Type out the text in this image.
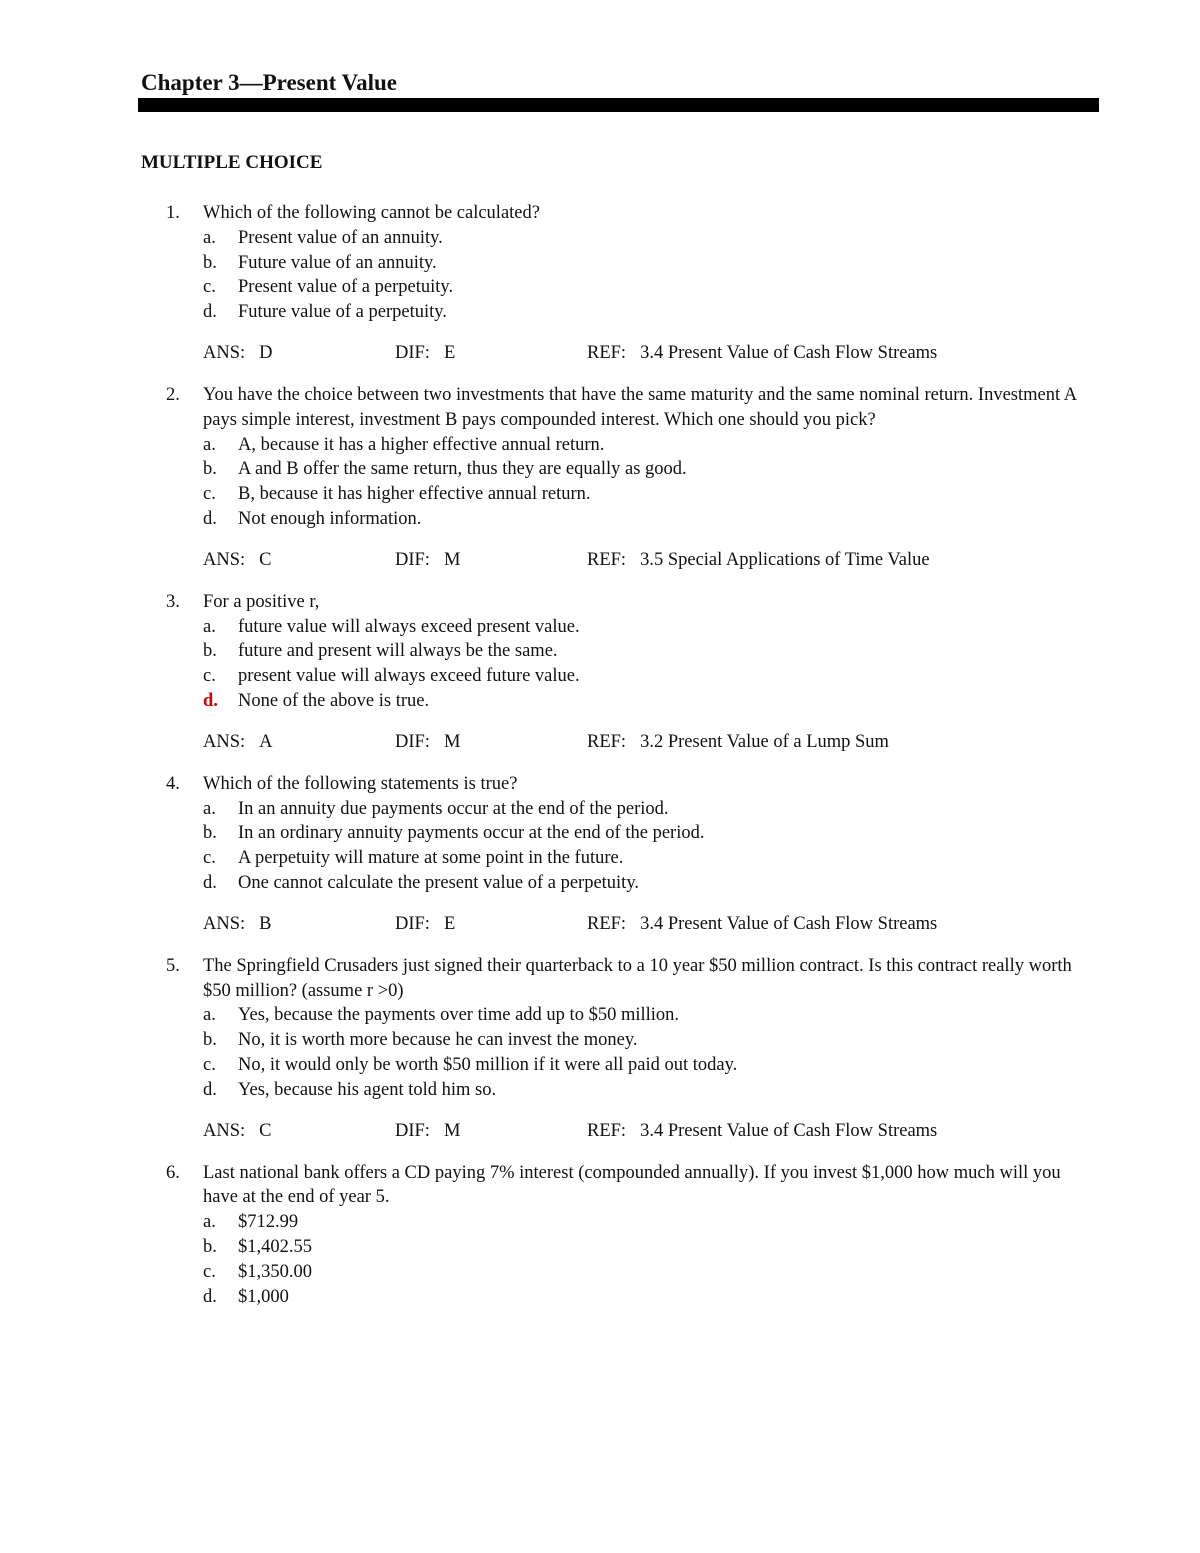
Chapter 3—Present Value
MULTIPLE CHOICE
1.	Which of the following cannot be calculated?
a. Present value of an annuity.
b. Future value of an annuity.
c. Present value of a perpetuity.
d. Future value of a perpetuity.
ANS: D	DIF: E	REF: 3.4 Present Value of Cash Flow Streams
2.	You have the choice between two investments that have the same maturity and the same nominal return. Investment A pays simple interest, investment B pays compounded interest. Which one should you pick?
a. A, because it has a higher effective annual return.
b. A and B offer the same return, thus they are equally as good.
c. B, because it has higher effective annual return.
d. Not enough information.
ANS: C	DIF: M	REF: 3.5 Special Applications of Time Value
3.	For a positive r,
a. future value will always exceed present value.
b. future and present will always be the same.
c. present value will always exceed future value.
d. None of the above is true.
ANS: A	DIF: M	REF: 3.2 Present Value of a Lump Sum
4.	Which of the following statements is true?
a. In an annuity due payments occur at the end of the period.
b. In an ordinary annuity payments occur at the end of the period.
c. A perpetuity will mature at some point in the future.
d. One cannot calculate the present value of a perpetuity.
ANS: B	DIF: E	REF: 3.4 Present Value of Cash Flow Streams
5.	The Springfield Crusaders just signed their quarterback to a 10 year $50 million contract. Is this contract really worth $50 million? (assume r >0)
a. Yes, because the payments over time add up to $50 million.
b. No, it is worth more because he can invest the money.
c. No, it would only be worth $50 million if it were all paid out today.
d. Yes, because his agent told him so.
ANS: C	DIF: M	REF: 3.4 Present Value of Cash Flow Streams
6.	Last national bank offers a CD paying 7% interest (compounded annually). If you invest $1,000 how much will you have at the end of year 5.
a. $712.99
b. $1,402.55
c. $1,350.00
d. $1,000
